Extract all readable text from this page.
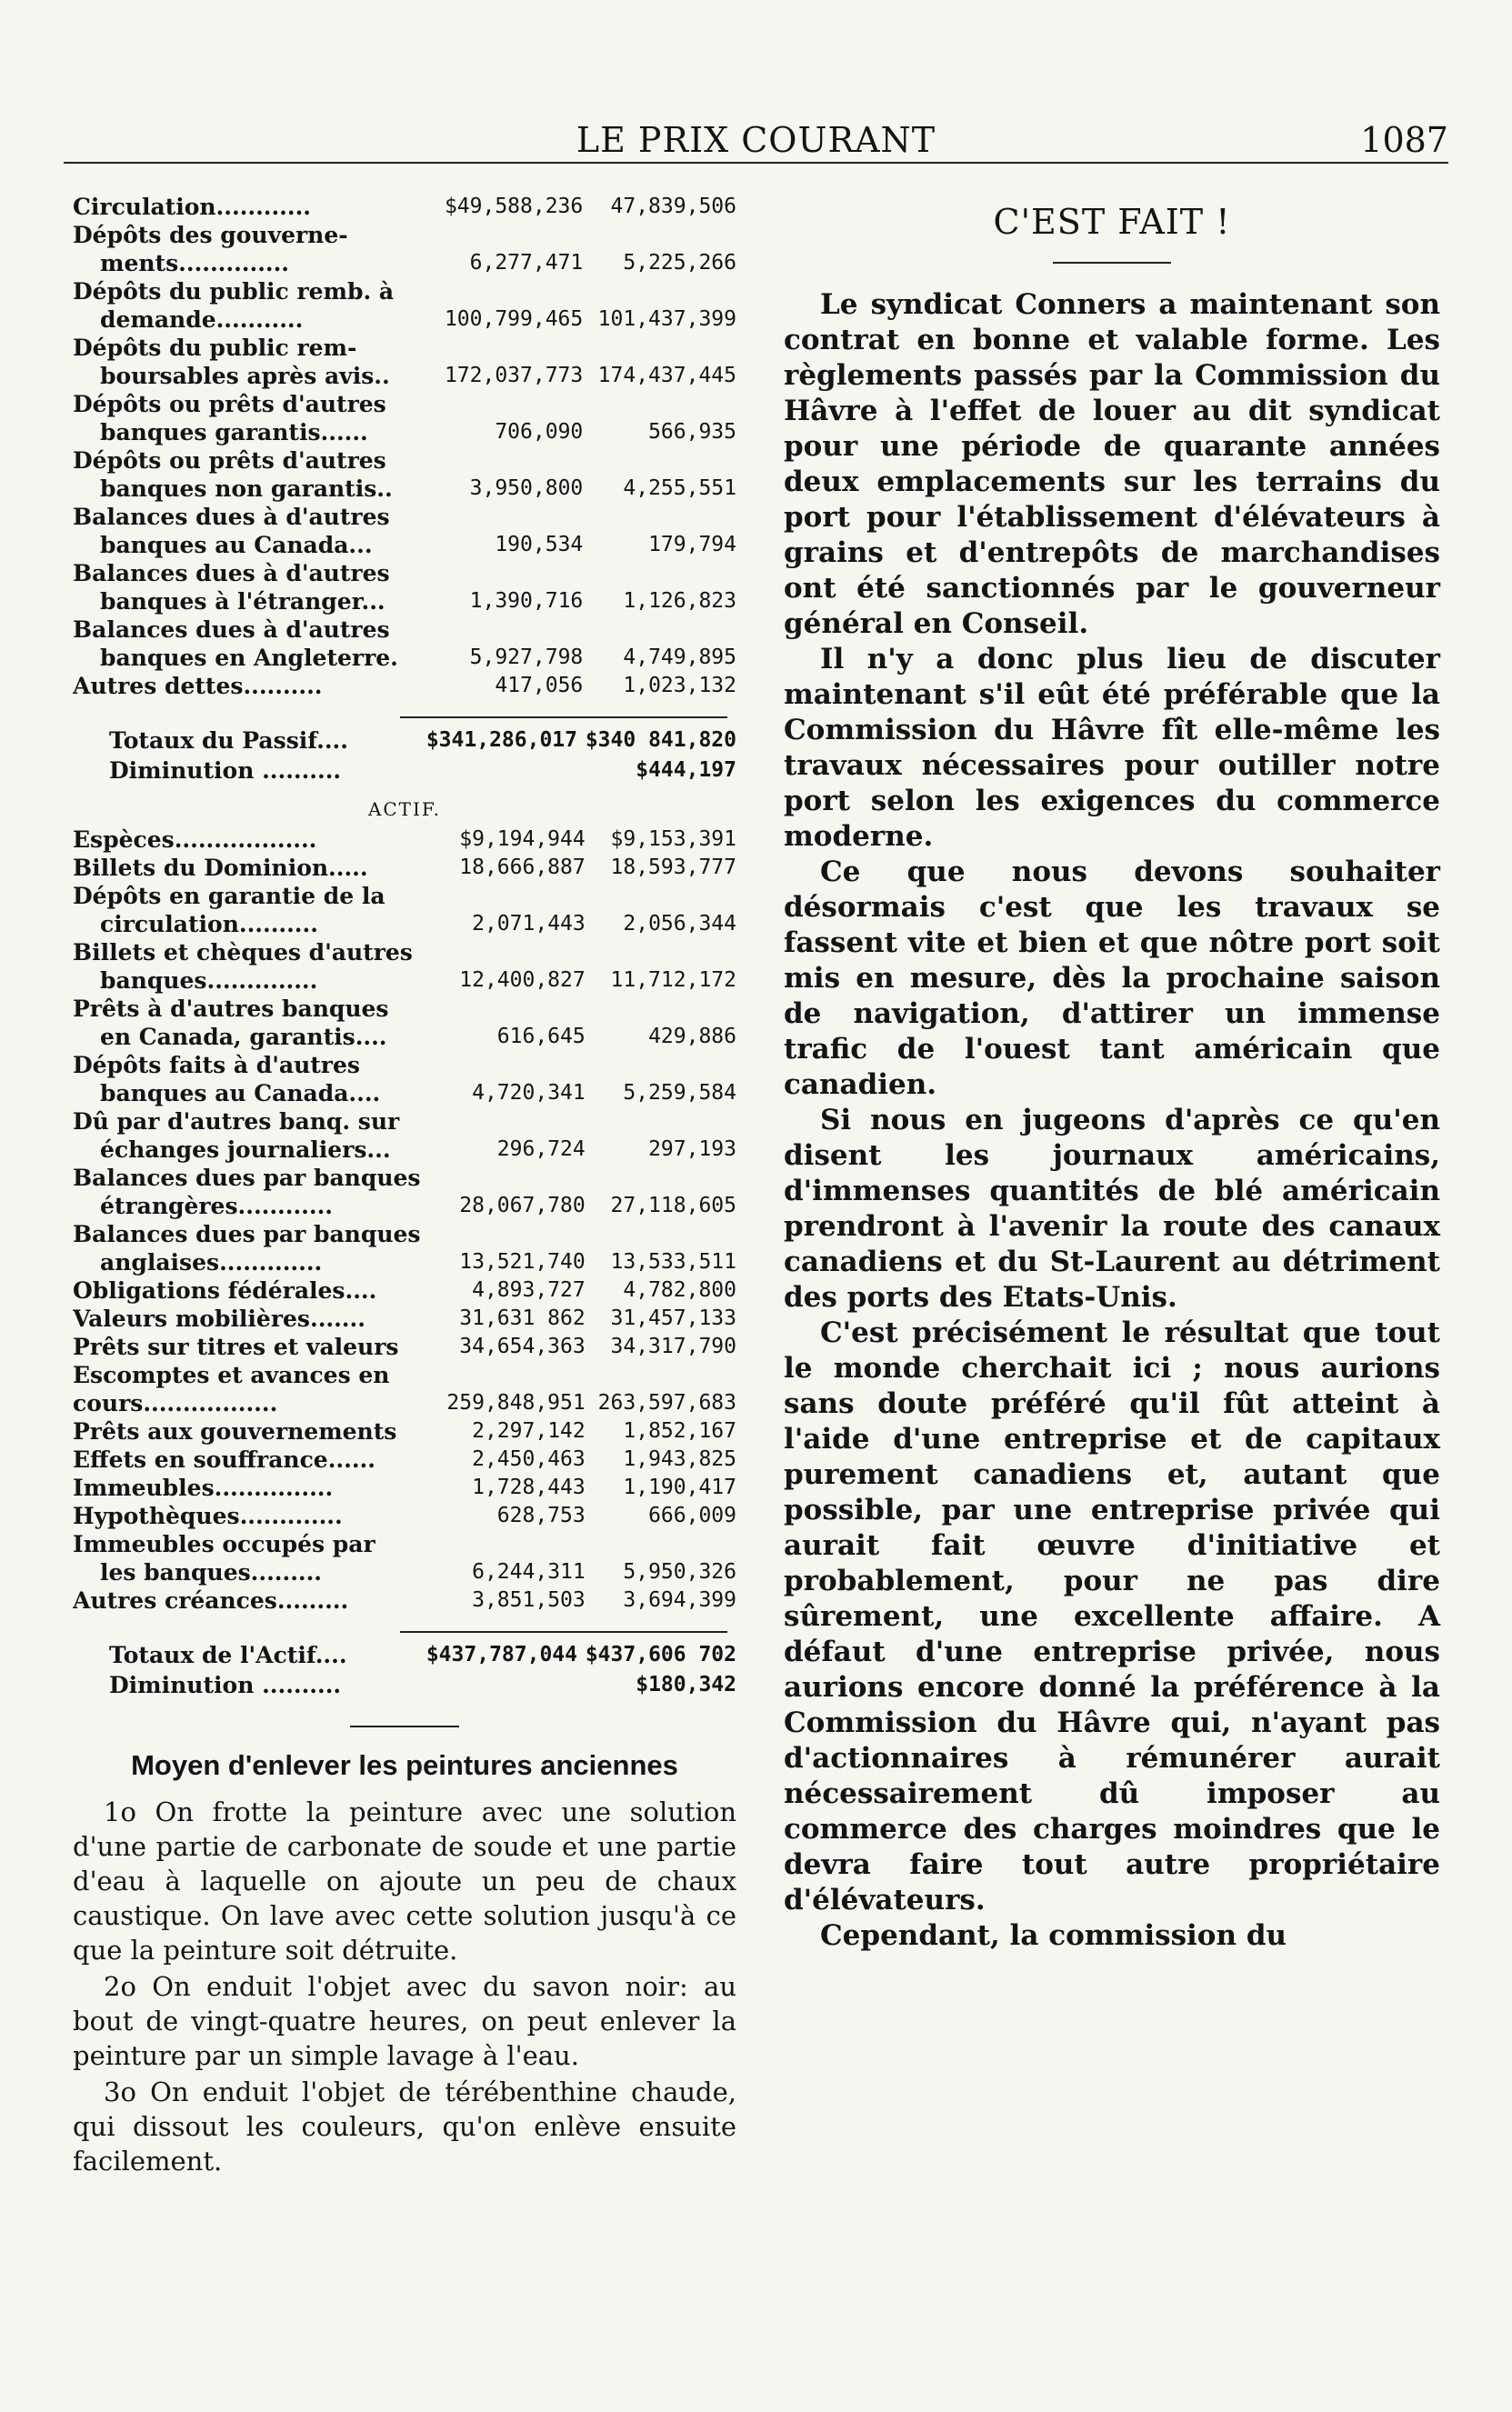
LE PRIX COURANT	1087
Circulation............	$49,588,236	47,839,506
Dépôts des gouverne-		
ments..............	6,277,471	5,225,266
Dépôts du public remb. à		
demande...........	100,799,465	101,437,399
Dépôts du public rem-		
boursables après avis..	172,037,773	174,437,445
Dépôts ou prêts d'autres		
banques garantis......	706,090	566,935
Dépôts ou prêts d'autres		
banques non garantis..	3,950,800	4,255,551
Balances dues à d'autres		
banques au Canada...	190,534	179,794
Balances dues à d'autres		
banques à l'étranger...	1,390,716	1,126,823
Balances dues à d'autres		
banques en Angleterre.	5,927,798	4,749,895
Autres dettes..........	417,056	1,023,132
Totaux du Passif....	$341,286,017	$340 841,820
Diminution ..........		$444,197
ACTIF.
Espèces..................	$9,194,944	$9,153,391
Billets du Dominion.....	18,666,887	18,593,777
Dépôts en garantie de la		
circulation..........	2,071,443	2,056,344
Billets et chèques d'autres		
banques..............	12,400,827	11,712,172
Prêts à d'autres banques		
en Canada, garantis....	616,645	429,886
Dépôts faits à d'autres		
banques au Canada....	4,720,341	5,259,584
Dû par d'autres banq. sur		
échanges journaliers...	296,724	297,193
Balances dues par banques		
étrangères............	28,067,780	27,118,605
Balances dues par banques		
anglaises.............	13,521,740	13,533,511
Obligations fédérales....	4,893,727	4,782,800
Valeurs mobilières.......	31,631 862	31,457,133
Prêts sur titres et valeurs	34,654,363	34,317,790
Escomptes et avances en		
cours.................	259,848,951	263,597,683
Prêts aux gouvernements	2,297,142	1,852,167
Effets en souffrance......	2,450,463	1,943,825
Immeubles...............	1,728,443	1,190,417
Hypothèques.............	628,753	666,009
Immeubles occupés par		
les banques.........	6,244,311	5,950,326
Autres créances.........	3,851,503	3,694,399
Totaux de l'Actif....	$437,787,044	$437,606 702
Diminution ..........		$180,342
Moyen d'enlever les peintures anciennes

1o On frotte la peinture avec une solution d'une partie de carbonate de soude et une partie d'eau à laquelle on ajoute un peu de chaux caustique. On lave avec cette solution jusqu'à ce que la peinture soit détruite.

2o On enduit l'objet avec du savon noir: au bout de vingt-quatre heures, on peut enlever la peinture par un simple lavage à l'eau.

3o On enduit l'objet de térébenthine chaude, qui dissout les couleurs, qu'on enlève ensuite facilement.

C'EST FAIT !

Le syndicat Conners a maintenant son contrat en bonne et valable forme. Les règlements passés par la Commission du Hâvre à l'effet de louer au dit syndicat pour une période de quarante années deux emplacements sur les terrains du port pour l'établissement d'élévateurs à grains et d'entrepôts de marchandises ont été sanctionnés par le gouverneur général en Conseil.

Il n'y a donc plus lieu de discuter maintenant s'il eût été préférable que la Commission du Hâvre fît elle-même les travaux nécessaires pour outiller notre port selon les exigences du commerce moderne.

Ce que nous devons souhaiter désormais c'est que les travaux se fassent vite et bien et que nôtre port soit mis en mesure, dès la prochaine saison de navigation, d'attirer un immense trafic de l'ouest tant américain que canadien.

Si nous en jugeons d'après ce qu'en disent les journaux américains, d'immenses quantités de blé américain prendront à l'avenir la route des canaux canadiens et du St-Laurent au détriment des ports des Etats-Unis.

C'est précisément le résultat que tout le monde cherchait ici ; nous aurions sans doute préféré qu'il fût atteint à l'aide d'une entreprise et de capitaux purement canadiens et, autant que possible, par une entreprise privée qui aurait fait œuvre d'initiative et probablement, pour ne pas dire sûrement, une excellente affaire. A défaut d'une entreprise privée, nous aurions encore donné la préférence à la Commission du Hâvre qui, n'ayant pas d'actionnaires à rémunérer aurait nécessairement dû imposer au commerce des charges moindres que le devra faire tout autre propriétaire d'élévateurs.

Cependant, la commission du
